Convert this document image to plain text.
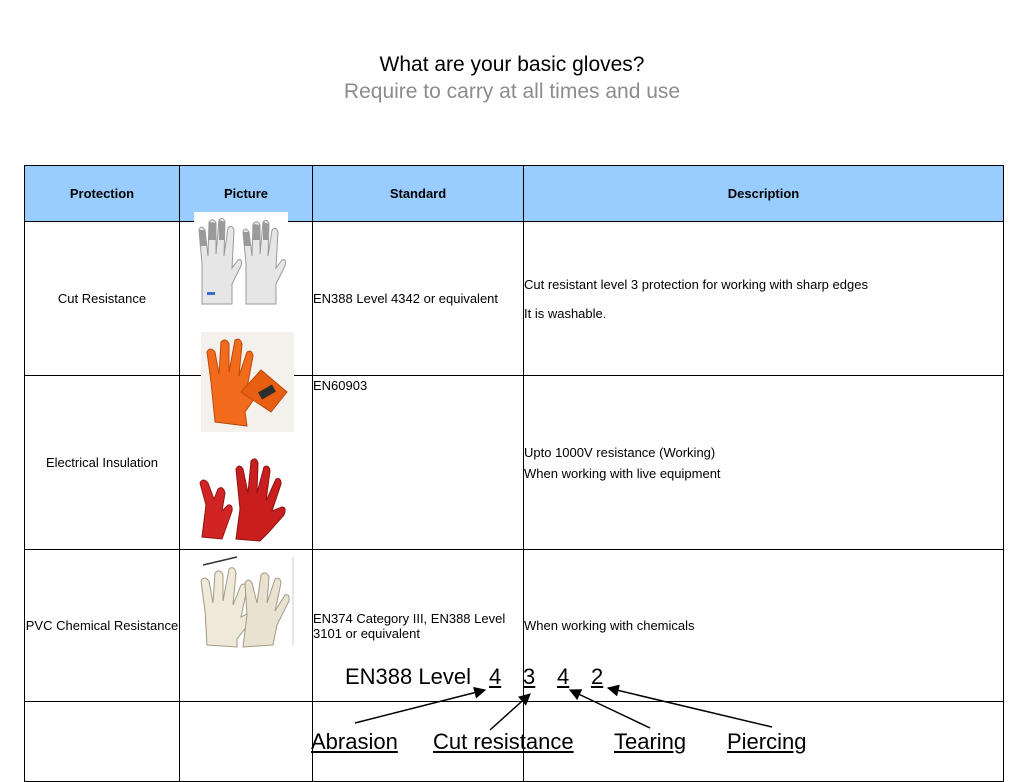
What are your basic gloves?
Require to carry at all times and use
Protection	Picture	Standard	Description
Cut Resistance		EN388 Level 4342 or equivalent	Cut resistant level 3 protection for working with sharp edges
It is washable.

Electrical Insulation		EN60903	Upto 1000V resistance (Working)
When working with live equipment

PVC Chemical Resistance		EN374 Category III, EN388 Level 3101 or equivalent	When working with chemicals

EN388 Level 4 3 4 2
Abrasion Cut resistance Tearing Piercing
